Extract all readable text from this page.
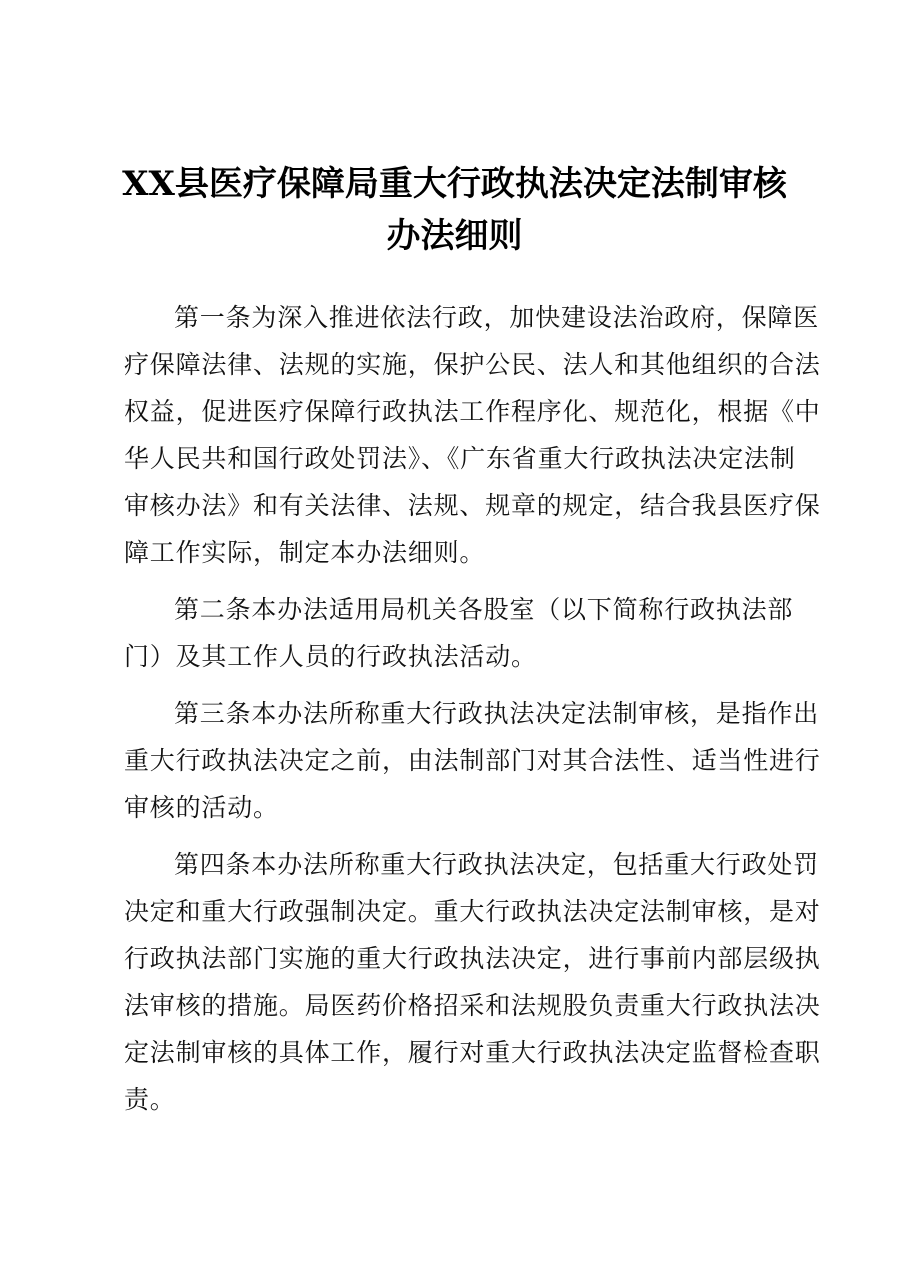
XX县医疗保障局重大行政执法决定法制审核
办法细则
第一条为深入推进依法行政，加快建设法治政府，保障医
疗保障法律、法规的实施，保护公民、法人和其他组织的合法
权益，促进医疗保障行政执法工作程序化、规范化，根据《中
华人民共和国行政处罚法》、《广东省重大行政执法决定法制
审核办法》和有关法律、法规、规章的规定，结合我县医疗保
障工作实际，制定本办法细则。
第二条本办法适用局机关各股室（以下简称行政执法部
门）及其工作人员的行政执法活动。
第三条本办法所称重大行政执法决定法制审核，是指作出
重大行政执法决定之前，由法制部门对其合法性、适当性进行
审核的活动。
第四条本办法所称重大行政执法决定，包括重大行政处罚
决定和重大行政强制决定。重大行政执法决定法制审核，是对
行政执法部门实施的重大行政执法决定，进行事前内部层级执
法审核的措施。局医药价格招采和法规股负责重大行政执法决
定法制审核的具体工作，履行对重大行政执法决定监督检查职
责。
